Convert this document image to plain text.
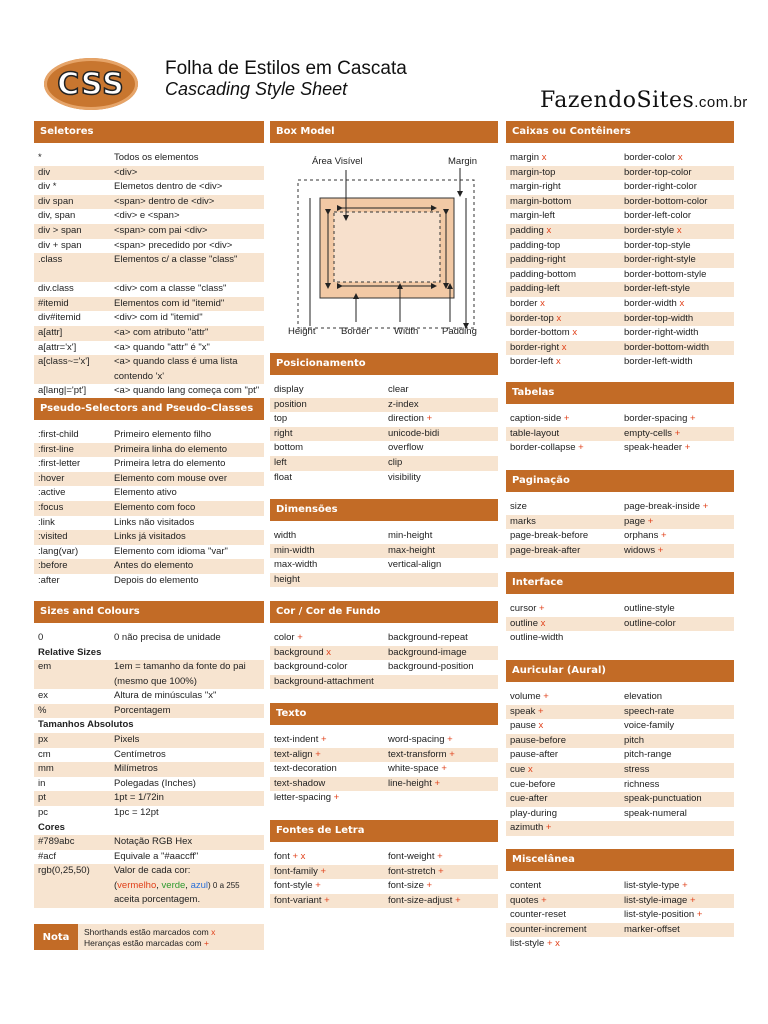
CSS Folha de Estilos em Cascata
Cascading Style Sheet	FazendoSites.com.br
Seletores
*	Todos os elementos
div	<div>
div *	Elemetos dentro de <div>
div span	<span> dentro de <div>
div, span	<div> e <span>
div > span	<span> com pai <div>
div + span	<span> precedido por <div>
.class	Elementos c/ a classe "class"
div.class	<div> com a classe "class"
#itemid	Elementos com id "itemid"
div#itemid	<div> com id "itemid"
a[attr]	<a> com atributo "attr"
a[attr='x']	<a> quando "attr" é "x"
a[class~='x']	<a> quando class é uma lista contendo 'x'
a[lang|='pt']	<a> quando lang começa com "pt"
Pseudo-Selectors and Pseudo-Classes
:first-child	Primeiro elemento filho
:first-line	Primeira linha do elemento
:first-letter	Primeira letra do elemento
:hover	Elemento com mouse over
:active	Elemento ativo
:focus	Elemento com foco
:link	Links não visitados
:visited	Links já visitados
:lang(var)	Elemento com idioma "var"
:before	Antes do elemento
:after	Depois do elemento
Sizes and Colours
0	0 não precisa de unidade
Relative Sizes
em	1em = tamanho da fonte do pai (mesmo que 100%)
ex	Altura de minúsculas "x"
%	Porcentagem
Tamanhos Absolutos
px	Pixels
cm	Centímetros
mm	Milímetros
in	Polegadas (Inches)
pt	1pt = 1/72in
pc	1pc = 12pt
Cores
#789abc	Notação RGB Hex
#acf	Equivale a "#aaccff"
rgb(0,25,50)	Valor de cada cor:
(vermelho, verde, azul) 0 a 255
aceita porcentagem.
Nota	Shorthands estão marcados com x
Heranças estão marcadas com +
Box Model
Área Visível	Margin
Height	Border	Width Padding
Posicionamento
display	clear
position	z-index
top	direction +
right	unicode-bidi
bottom	overflow
left	clip
float	visibility
Dimensões
width	min-height
min-width	max-height
max-width	vertical-align
height
Cor / Cor de Fundo
color +	background-repeat
background x	background-image
background-color	background-position
background-attachment
Texto
text-indent +	word-spacing +
text-align +	text-transform +
text-decoration	white-space +
text-shadow	line-height +
letter-spacing +
Fontes de Letra
font + x	font-weight +
font-family +	font-stretch +
font-style +	font-size +
font-variant +	font-size-adjust +
Caixas ou Contêiners
margin x	border-color x
margin-top	border-top-color
margin-right	border-right-color
margin-bottom	border-bottom-color
margin-left	border-left-color
padding x	border-style x
padding-top	border-top-style
padding-right	border-right-style
padding-bottom	border-bottom-style
padding-left	border-left-style
border x	border-width x
border-top x	border-top-width
border-bottom x	border-right-width
border-right x	border-bottom-width
border-left x	border-left-width
Tabelas
caption-side +	border-spacing +
table-layout	empty-cells +
border-collapse +	speak-header +
Paginação
size	page-break-inside +
marks	page +
page-break-before	orphans +
page-break-after	widows +
Interface
cursor +	outline-style
outline x	outline-color
outline-width
Auricular (Aural)
volume +	elevation
speak +	speech-rate
pause x	voice-family
pause-before	pitch
pause-after	pitch-range
cue x	stress
cue-before	richness
cue-after	speak-punctuation
play-during	speak-numeral
azimuth +
Miscelânea
content	list-style-type +
quotes +	list-style-image +
counter-reset	list-style-position +
counter-increment	marker-offset
list-style + x
